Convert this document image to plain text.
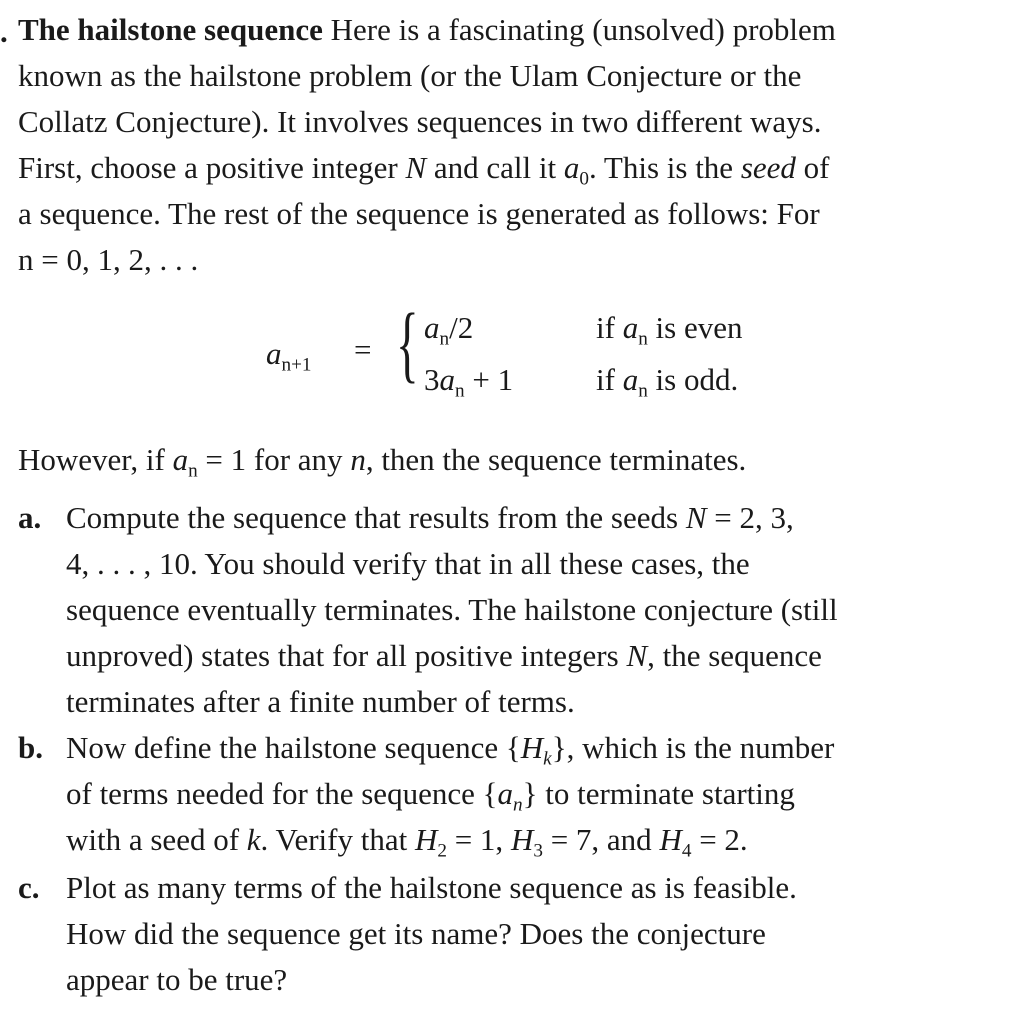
. The hailstone sequence Here is a fascinating (unsolved) problem
known as the hailstone problem (or the Ulam Conjecture or the
Collatz Conjecture). It involves sequences in two different ways.
First, choose a positive integer N and call it $a_0$. This is the seed of
a sequence. The rest of the sequence is generated as follows: For
n = 0, 1, 2, . . .
$a_{n+1}$ = { $a_n/2$	if $a_n$ is even
$3a_n + 1$	if $a_n$ is odd.
However, if $a_n = 1$ for any n, then the sequence terminates.
a. Compute the sequence that results from the seeds N = 2, 3,
4, . . . , 10. You should verify that in all these cases, the
sequence eventually terminates. The hailstone conjecture (still
unproved) states that for all positive integers N, the sequence
terminates after a finite number of terms.
b. Now define the hailstone sequence $\{H_k\}$, which is the number
of terms needed for the sequence $\{a_n\}$ to terminate starting
with a seed of k. Verify that $H_2 = 1$, $H_3 = 7$, and $H_4 = 2$.
c. Plot as many terms of the hailstone sequence as is feasible.
How did the sequence get its name? Does the conjecture
appear to be true?
